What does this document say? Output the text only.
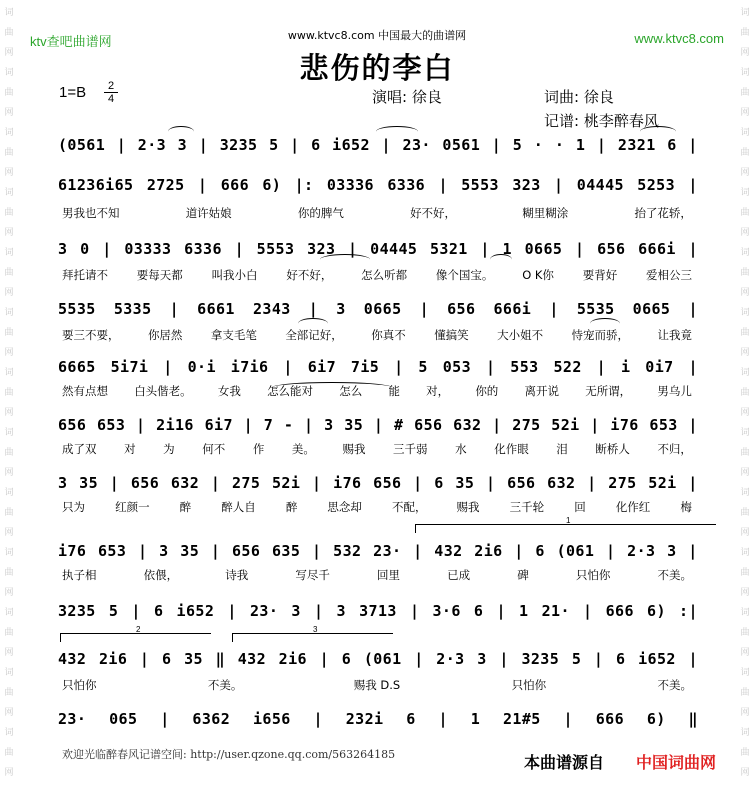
词
曲
网
词
曲
网
词
曲
网
词
曲
网
词
曲
网
词
曲
网
词
曲
网
词
曲
网
词
曲
网
词
曲
网
词
曲
网
词
曲
网
词
曲
网
词
曲
网
词
曲
网
词
曲
网
词
曲
网
词
曲
网
词
曲
网
词
曲
网
词
曲
网
词
曲
网
词
曲
网
词
曲
网
词
曲
网
词
曲
网
ktv查吧曲谱网	www.ktvc8.com 中国最大的曲谱网	www.ktvc8.com
悲伤的李白
1=B	2
4	演唱: 徐良	词曲: 徐良
记谱: 桃李醉春风
(0561 | 2·3 3 | 3235 5 | 6 i652 | 23· 0561 | 5 · · 1 | 2321 6 |
61236i65 2725 | 666 6) |: 03336 6336 | 5553 323 | 04445 5253 |
男我也不知	道许姑娘	你的脾气	好不好，	糊里糊涂	抬了花轿，
3 0 | 03333 6336 | 5553 323 | 04445 5321 | 1 0665 | 656 666i |
拜托请不	要每天都	叫我小白	好不好，	怎么听都	像个国宝。	O K你	要背好	爱相公三
5535 5335 | 6661 2343 | 3 0665 | 656 666i | 5535 0665 |
要三不要， 你居然 拿支毛笔 全部记好， 你真不 懂搞笑 大小姐不 恃宠而骄， 让我竟
6665 5i7i | 0·i i7i6 | 6i7 7i5 | 5 053 | 553 522 | i 0i7 |
然有点想 白头偕老。 女我 怎么能对 怎么 能 对， 你的 离开说 无所谓， 男乌儿
656 653 | 2i16 6i7 | 7 - | 3 35 | # 656 632 | 275 52i | i76 653 |
成了双 对 为 何不 作 美。 赐我 三千弱 水 化作眼 泪 断桥人 不归，
3 35 | 656 632 | 275 52i | i76 656 | 6 35 | 656 632 | 275 52i |
只为	红颜一	醉	醉人自	醉	思念却	不配，	赐我	三千轮	回	化作红	梅
i76 653 | 3 35 | 656 635 | 532 23· | 432 2i6 | 6 (061 | 2·3 3 |
执子相	依偎，	诗我	写尽千	回里	已成	碑	只怕你	不美。
3235 5 | 6 i652 | 23· 3 | 3 3713 | 3·6 6 | 1 21· | 666 6) :|
432 2i6 | 6 35 ‖ 432 2i6 | 6 (061 | 2·3 3 | 3235 5 | 6 i652 |
只怕你	不美。	赐我 D.S	只怕你	不美。
23· 065 | 6362 i656 | 232i 6 | 1 21#5 | 666 6) ‖
1
2	3
欢迎光临醉春风记谱空间: http://user.qzone.qq.com/563264185
本曲谱源自 中国词曲网
